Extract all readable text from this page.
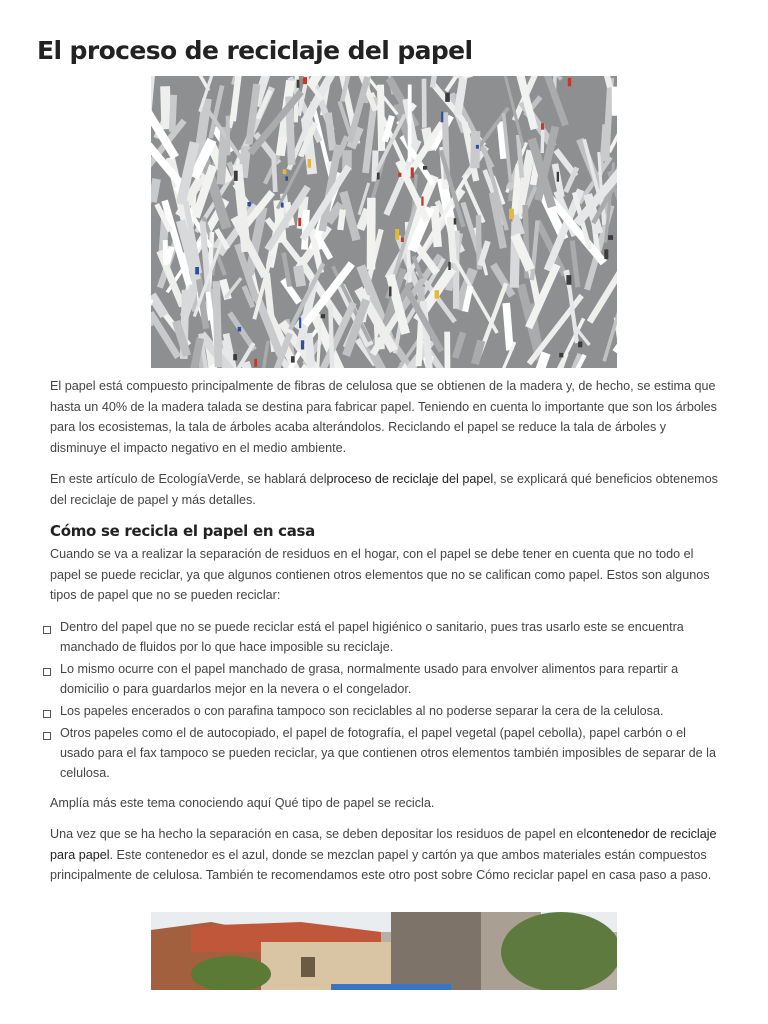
El proceso de reciclaje del papel

El papel está compuesto principalmente de fibras de celulosa que se obtienen de la madera y, de hecho, se estima que hasta un 40% de la madera talada se destina para fabricar papel. Teniendo en cuenta lo importante que son los árboles para los ecosistemas, la tala de árboles acaba alterándolos. Reciclando el papel se reduce la tala de árboles y disminuye el impacto negativo en el medio ambiente.

En este artículo de EcologíaVerde, se hablará delproceso de reciclaje del papel, se explicará qué beneficios obtenemos del reciclaje de papel y más detalles.

Cómo se recicla el papel en casa

Cuando se va a realizar la separación de residuos en el hogar, con el papel se debe tener en cuenta que no todo el papel se puede reciclar, ya que algunos contienen otros elementos que no se califican como papel. Estos son algunos tipos de papel que no se pueden reciclar:

Dentro del papel que no se puede reciclar está el papel higiénico o sanitario, pues tras usarlo este se encuentra manchado de fluidos por lo que hace imposible su reciclaje.
Lo mismo ocurre con el papel manchado de grasa, normalmente usado para envolver alimentos para repartir a domicilio o para guardarlos mejor en la nevera o el congelador.
Los papeles encerados o con parafina tampoco son reciclables al no poderse separar la cera de la celulosa.
Otros papeles como el de autocopiado, el papel de fotografía, el papel vegetal (papel cebolla), papel carbón o el usado para el fax tampoco se pueden reciclar, ya que contienen otros elementos también imposibles de separar de la celulosa.

Amplía más este tema conociendo aquí Qué tipo de papel se recicla.

Una vez que se ha hecho la separación en casa, se deben depositar los residuos de papel en elcontenedor de reciclaje para papel. Este contenedor es el azul, donde se mezclan papel y cartón ya que ambos materiales están compuestos principalmente de celulosa. También te recomendamos este otro post sobre Cómo reciclar papel en casa paso a paso.
